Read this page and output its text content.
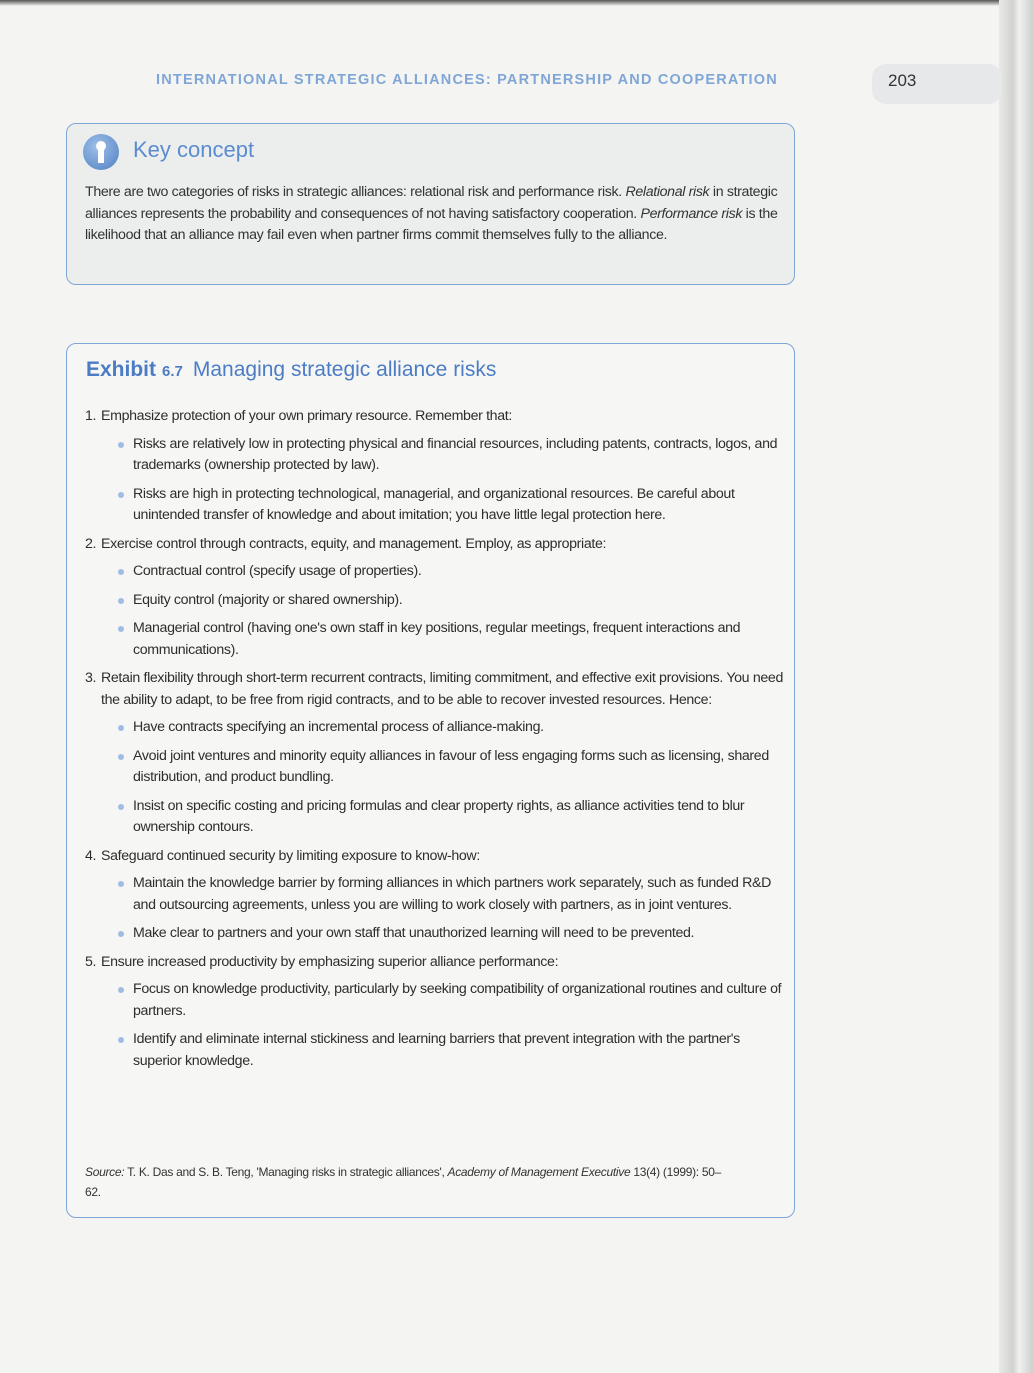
INTERNATIONAL STRATEGIC ALLIANCES: PARTNERSHIP AND COOPERATION	203
Key concept
There are two categories of risks in strategic alliances: relational risk and performance risk. Relational risk in strategic alliances represents the probability and consequences of not having satisfactory cooperation. Performance risk is the likelihood that an alliance may fail even when partner firms commit themselves fully to the alliance.
Exhibit 6.7 Managing strategic alliance risks
1. Emphasize protection of your own primary resource. Remember that:
Risks are relatively low in protecting physical and financial resources, including patents, contracts, logos, and trademarks (ownership protected by law).
Risks are high in protecting technological, managerial, and organizational resources. Be careful about unintended transfer of knowledge and about imitation; you have little legal protection here.
2. Exercise control through contracts, equity, and management. Employ, as appropriate:
Contractual control (specify usage of properties).
Equity control (majority or shared ownership).
Managerial control (having one's own staff in key positions, regular meetings, frequent interactions and communications).
3. Retain flexibility through short-term recurrent contracts, limiting commitment, and effective exit provisions. You need the ability to adapt, to be free from rigid contracts, and to be able to recover invested resources. Hence:
Have contracts specifying an incremental process of alliance-making.
Avoid joint ventures and minority equity alliances in favour of less engaging forms such as licensing, shared distribution, and product bundling.
Insist on specific costing and pricing formulas and clear property rights, as alliance activities tend to blur ownership contours.
4. Safeguard continued security by limiting exposure to know-how:
Maintain the knowledge barrier by forming alliances in which partners work separately, such as funded R&D and outsourcing agreements, unless you are willing to work closely with partners, as in joint ventures.
Make clear to partners and your own staff that unauthorized learning will need to be prevented.
5. Ensure increased productivity by emphasizing superior alliance performance:
Focus on knowledge productivity, particularly by seeking compatibility of organizational routines and culture of partners.
Identify and eliminate internal stickiness and learning barriers that prevent integration with the partner's superior knowledge.
Source: T. K. Das and S. B. Teng, 'Managing risks in strategic alliances', Academy of Management Executive 13(4) (1999): 50–62.
